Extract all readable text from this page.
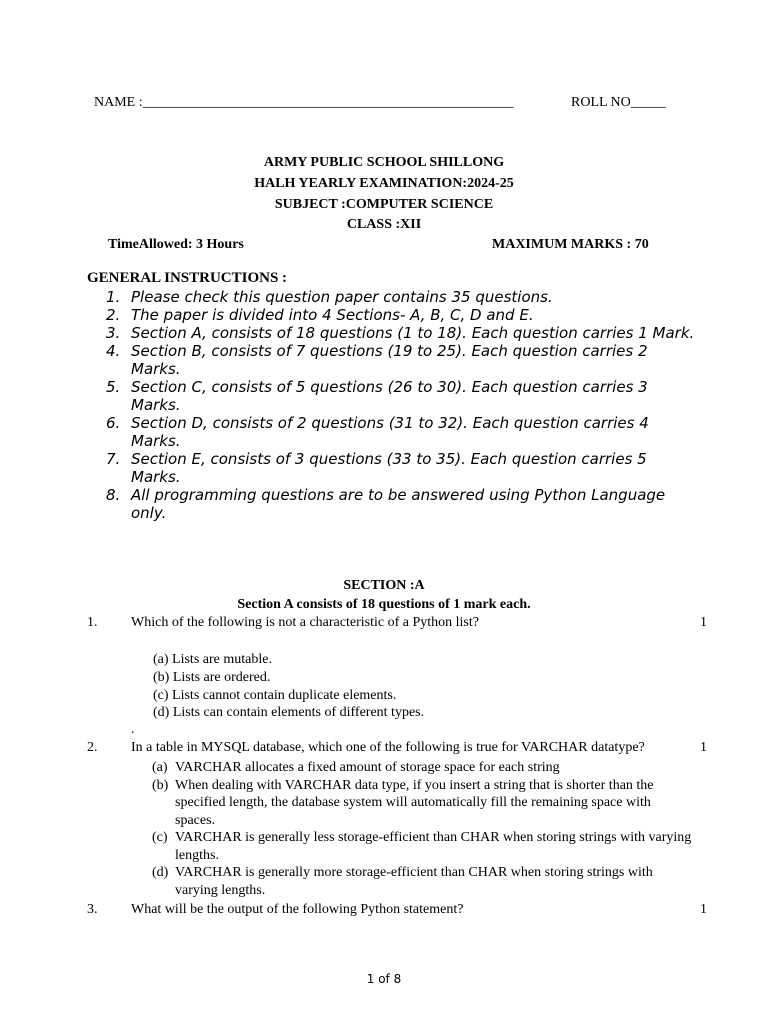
NAME :_____________________________________________________	ROLL NO_____
ARMY PUBLIC SCHOOL SHILLONG
HALH YEARLY EXAMINATION:2024-25
SUBJECT :COMPUTER SCIENCE
CLASS :XII
TimeAllowed: 3 Hours	MAXIMUM MARKS : 70
GENERAL INSTRUCTIONS :
1. Please check this question paper contains 35 questions.
2. The paper is divided into 4 Sections- A, B, C, D and E.
3. Section A, consists of 18 questions (1 to 18). Each question carries 1 Mark.
4. Section B, consists of 7 questions (19 to 25). Each question carries 2 Marks.
5. Section C, consists of 5 questions (26 to 30). Each question carries 3 Marks.
6. Section D, consists of 2 questions (31 to 32). Each question carries 4 Marks.
7. Section E, consists of 3 questions (33 to 35). Each question carries 5 Marks.
8. All programming questions are to be answered using Python Language only.
SECTION :A
Section A consists of 18 questions of 1 mark each.
1. Which of the following is not a characteristic of a Python list?	1
(a) Lists are mutable.
(b) Lists are ordered.
(c) Lists cannot contain duplicate elements.
(d) Lists can contain elements of different types.
.
2. In a table in MYSQL database, which one of the following is true for VARCHAR datatype?	1
(a) VARCHAR allocates a fixed amount of storage space for each string
(b) When dealing with VARCHAR data type, if you insert a string that is shorter than the specified length, the database system will automatically fill the remaining space with spaces.
(c) VARCHAR is generally less storage-efficient than CHAR when storing strings with varying lengths.
(d) VARCHAR is generally more storage-efficient than CHAR when storing strings with varying lengths.
3. What will be the output of the following Python statement?	1
1 of 8
